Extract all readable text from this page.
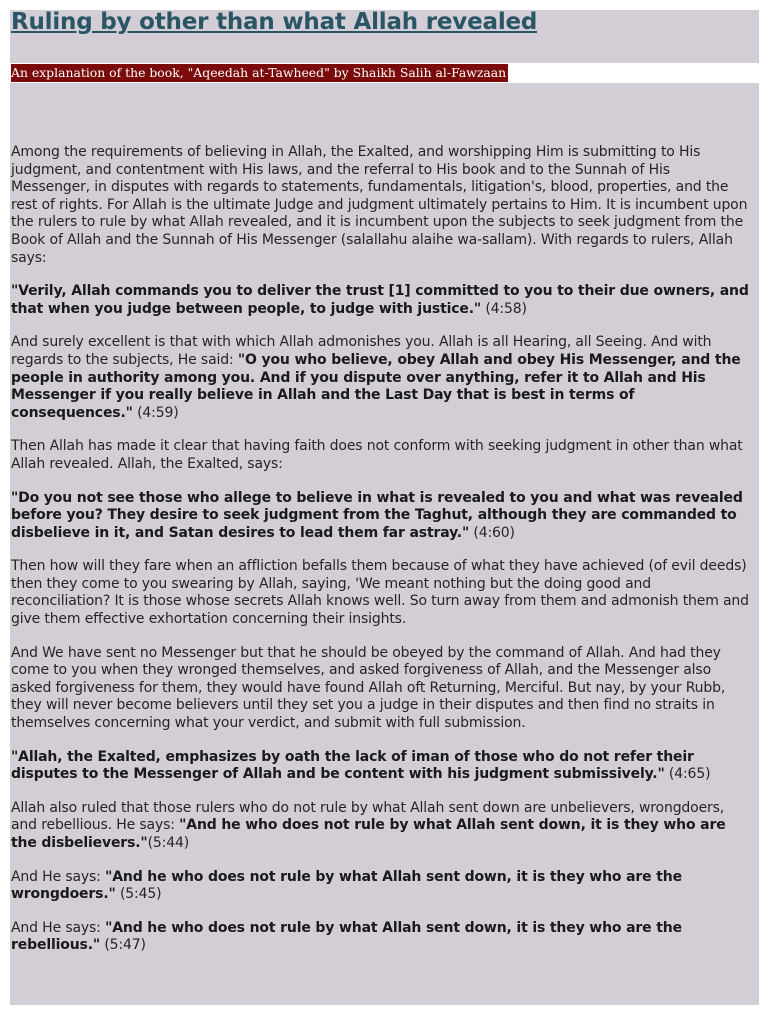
Ruling by other than what Allah revealed
An explanation of the book, "Aqeedah at-Tawheed" by Shaikh Salih al-Fawzaan

Among the requirements of believing in Allah, the Exalted, and worshipping Him is submitting to His judgment, and contentment with His laws, and the referral to His book and to the Sunnah of His Messenger, in disputes with regards to statements, fundamentals, litigation's, blood, properties, and the rest of rights. For Allah is the ultimate Judge and judgment ultimately pertains to Him. It is incumbent upon the rulers to rule by what Allah revealed, and it is incumbent upon the subjects to seek judgment from the Book of Allah and the Sunnah of His Messenger (salallahu alaihe wa-sallam). With regards to rulers, Allah says:

"Verily, Allah commands you to deliver the trust [1] committed to you to their due owners, and that when you judge between people, to judge with justice." (4:58)

And surely excellent is that with which Allah admonishes you. Allah is all Hearing, all Seeing. And with regards to the subjects, He said: "O you who believe, obey Allah and obey His Messenger, and the people in authority among you. And if you dispute over anything, refer it to Allah and His Messenger if you really believe in Allah and the Last Day that is best in terms of consequences." (4:59)

Then Allah has made it clear that having faith does not conform with seeking judgment in other than what Allah revealed. Allah, the Exalted, says:

"Do you not see those who allege to believe in what is revealed to you and what was revealed before you? They desire to seek judgment from the Taghut, although they are commanded to disbelieve in it, and Satan desires to lead them far astray." (4:60)

Then how will they fare when an affliction befalls them because of what they have achieved (of evil deeds) then they come to you swearing by Allah, saying, 'We meant nothing but the doing good and reconciliation? It is those whose secrets Allah knows well. So turn away from them and admonish them and give them effective exhortation concerning their insights.

And We have sent no Messenger but that he should be obeyed by the command of Allah. And had they come to you when they wronged themselves, and asked forgiveness of Allah, and the Messenger also asked forgiveness for them, they would have found Allah oft Returning, Merciful. But nay, by your Rubb, they will never become believers until they set you a judge in their disputes and then find no straits in themselves concerning what your verdict, and submit with full submission.

"Allah, the Exalted, emphasizes by oath the lack of iman of those who do not refer their disputes to the Messenger of Allah and be content with his judgment submissively." (4:65)

Allah also ruled that those rulers who do not rule by what Allah sent down are unbelievers, wrongdoers, and rebellious. He says: "And he who does not rule by what Allah sent down, it is they who are the disbelievers."(5:44)

And He says: "And he who does not rule by what Allah sent down, it is they who are the wrongdoers." (5:45)

And He says: "And he who does not rule by what Allah sent down, it is they who are the rebellious." (5:47)
